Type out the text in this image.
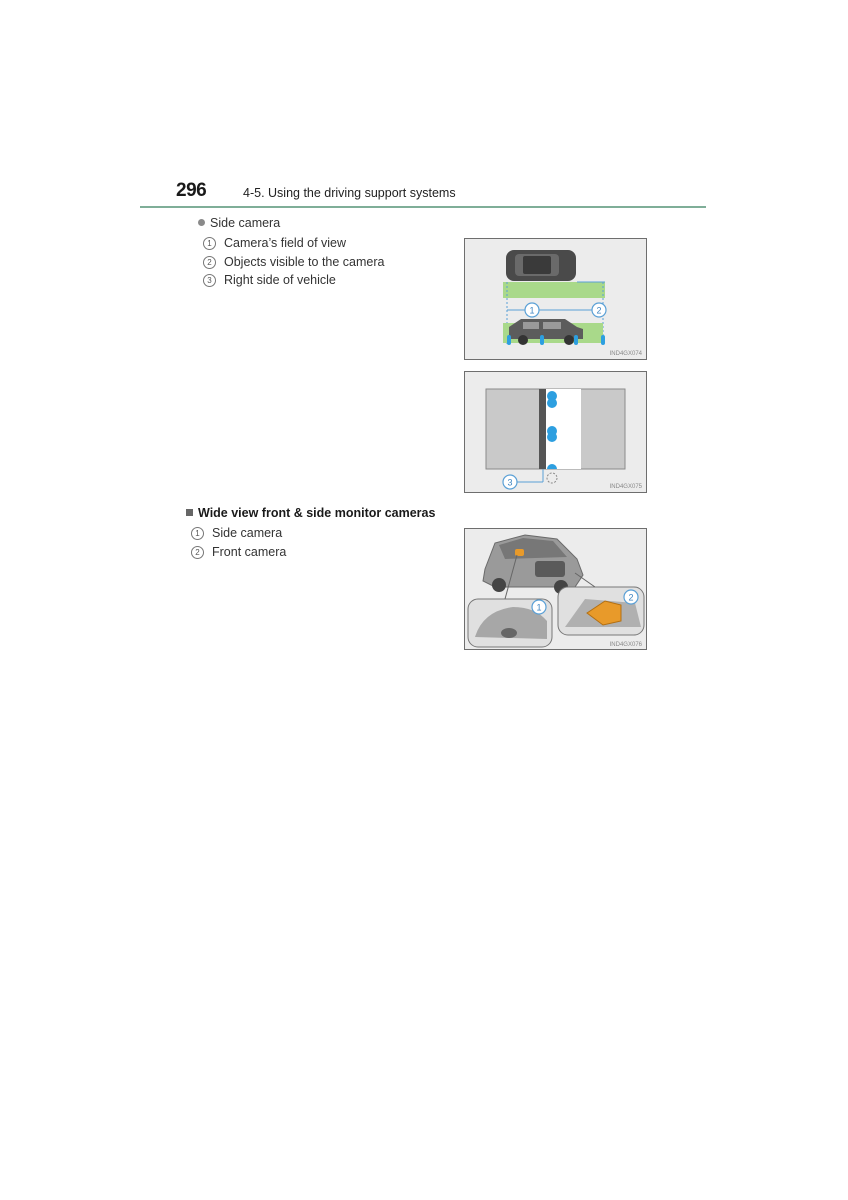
296	4-5. Using the driving support systems
Side camera
1 Camera’s field of view
2 Objects visible to the camera
3 Right side of vehicle
1	2
IND4GX074
3	IND4GX075
Wide view front & side monitor cameras
1 Side camera
2 Front camera
1
2
IND4GX076
